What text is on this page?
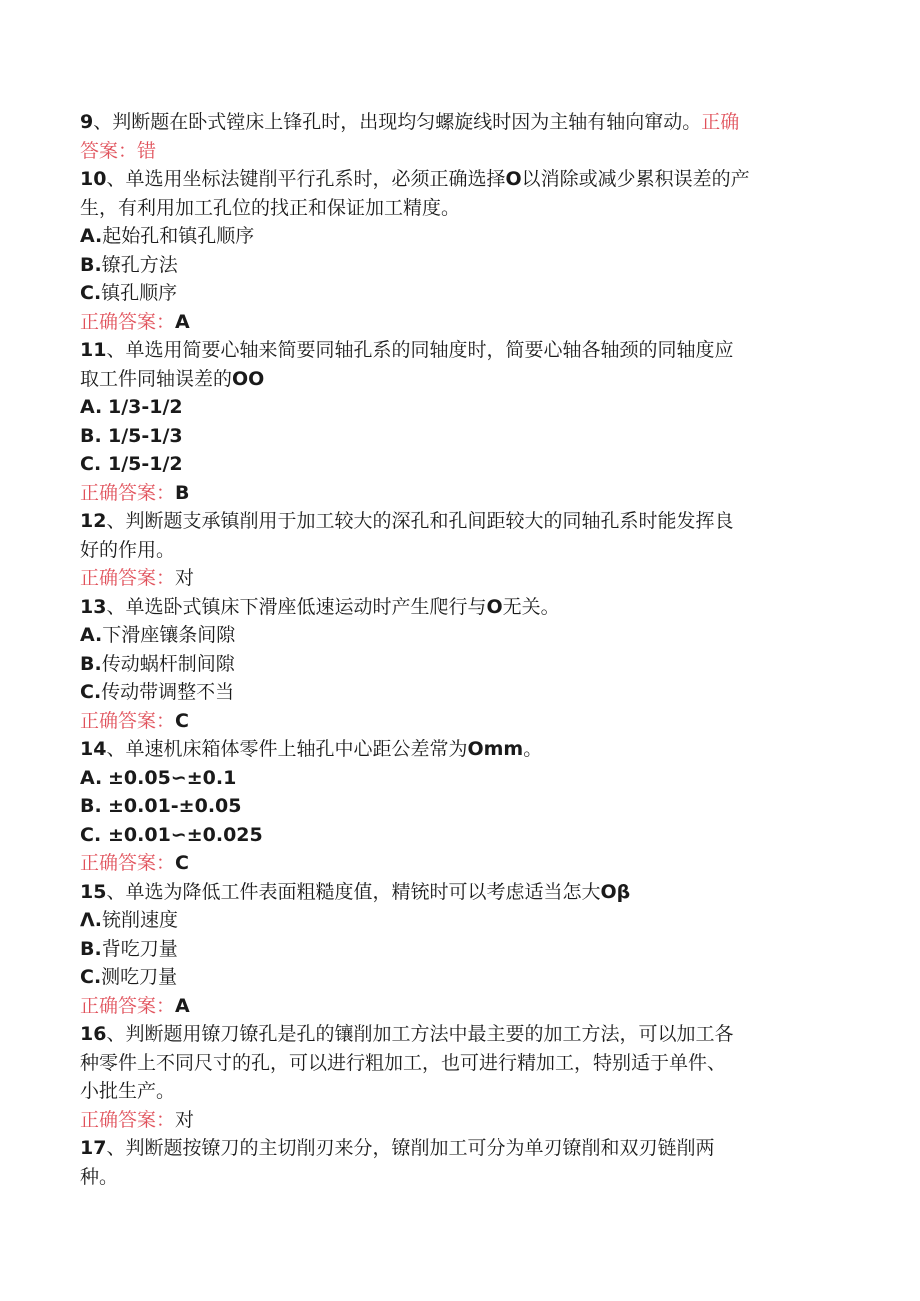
9、判断题在卧式镗床上锋孔时，出现均匀螺旋线时因为主轴有轴向窜动。正确
答案：错
10、单选用坐标法键削平行孔系时，必须正确选择O以消除或减少累积误差的产
生，有利用加工孔位的找正和保证加工精度。
A.起始孔和镇孔顺序
B.镣孔方法
C.镇孔顺序
正确答案：A
11、单选用简要心轴来简要同轴孔系的同轴度时，简要心轴各轴颈的同轴度应
取工件同轴误差的OO
A. 1/3-1/2
B. 1/5-1/3
C. 1/5-1/2
正确答案：B
12、判断题支承镇削用于加工较大的深孔和孔间距较大的同轴孔系时能发挥良
好的作用。
正确答案：对
13、单选卧式镇床下滑座低速运动时产生爬行与O无关。
A.下滑座镶条间隙
B.传动蜗杆制间隙
C.传动带调整不当
正确答案：C
14、单速机床箱体零件上轴孔中心距公差常为Omm。
A. ±0.05∽±0.1
B. ±0.01-±0.05
C. ±0.01∽±0.025
正确答案：C
15、单选为降低工件表面粗糙度值，精铳时可以考虑适当怎大Oβ
Λ.铳削速度
B.背吃刀量
C.测吃刀量
正确答案：A
16、判断题用镣刀镣孔是孔的镶削加工方法中最主要的加工方法，可以加工各
种零件上不同尺寸的孔，可以进行粗加工，也可进行精加工，特别适于单件、
小批生产。
正确答案：对
17、判断题按镣刀的主切削刃来分，镣削加工可分为单刃镣削和双刃链削两
种。
